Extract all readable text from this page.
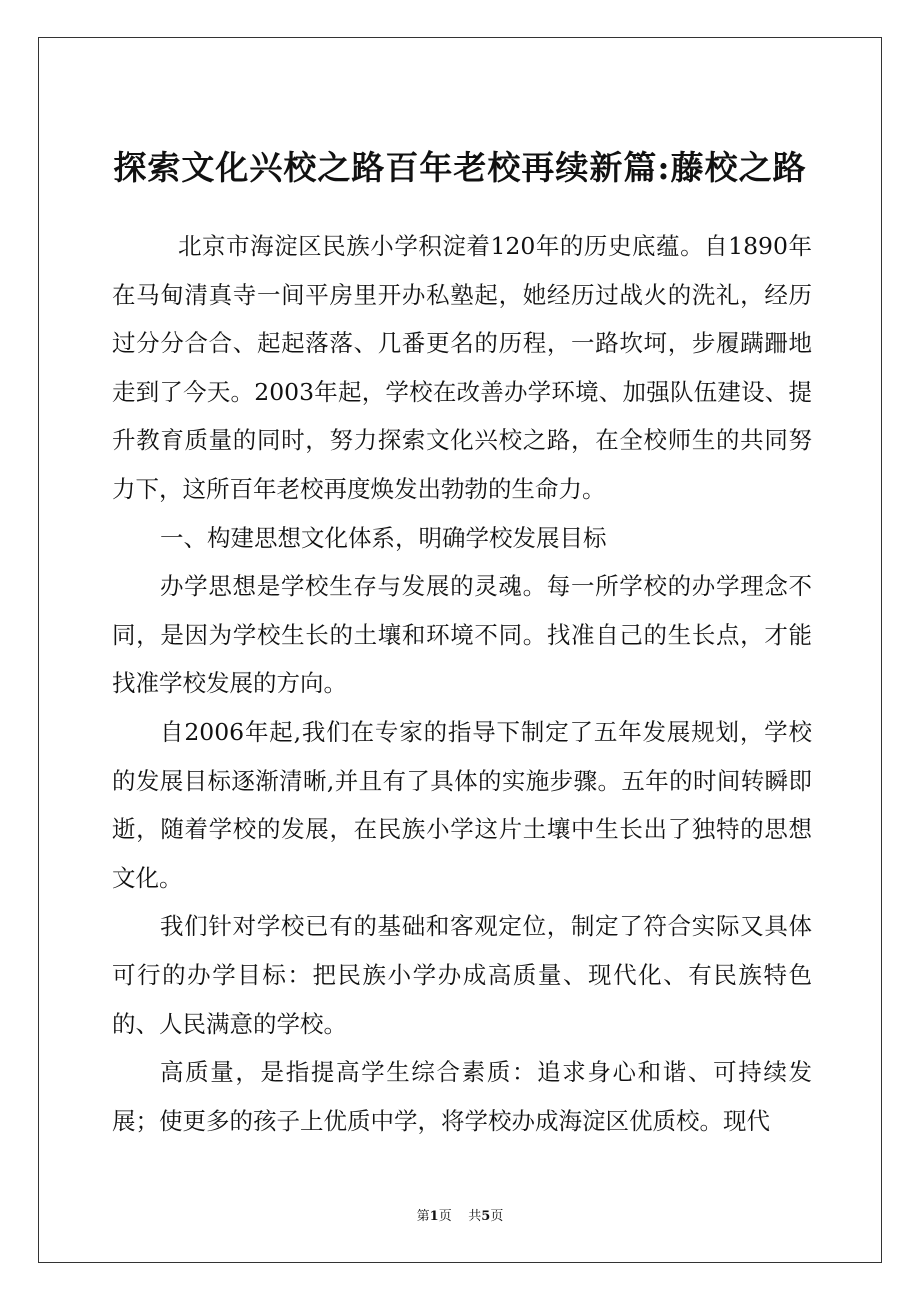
探索文化兴校之路百年老校再续新篇:藤校之路

北京市海淀区民族小学积淀着120年的历史底蕴。自1890年在马甸清真寺一间平房里开办私塾起，她经历过战火的洗礼，经历过分分合合、起起落落、几番更名的历程，一路坎坷，步履蹒跚地走到了今天。2003年起，学校在改善办学环境、加强队伍建设、提升教育质量的同时，努力探索文化兴校之路，在全校师生的共同努力下，这所百年老校再度焕发出勃勃的生命力。

一、构建思想文化体系，明确学校发展目标

办学思想是学校生存与发展的灵魂。每一所学校的办学理念不同，是因为学校生长的土壤和环境不同。找准自己的生长点，才能找准学校发展的方向。

自2006年起,我们在专家的指导下制定了五年发展规划，学校的发展目标逐渐清晰,并且有了具体的实施步骤。五年的时间转瞬即逝，随着学校的发展，在民族小学这片土壤中生长出了独特的思想文化。

我们针对学校已有的基础和客观定位，制定了符合实际又具体可行的办学目标：把民族小学办成高质量、现代化、有民族特色的、人民满意的学校。

高质量，是指提高学生综合素质：追求身心和谐、可持续发展；使更多的孩子上优质中学，将学校办成海淀区优质校。现代

第1页 共5页
